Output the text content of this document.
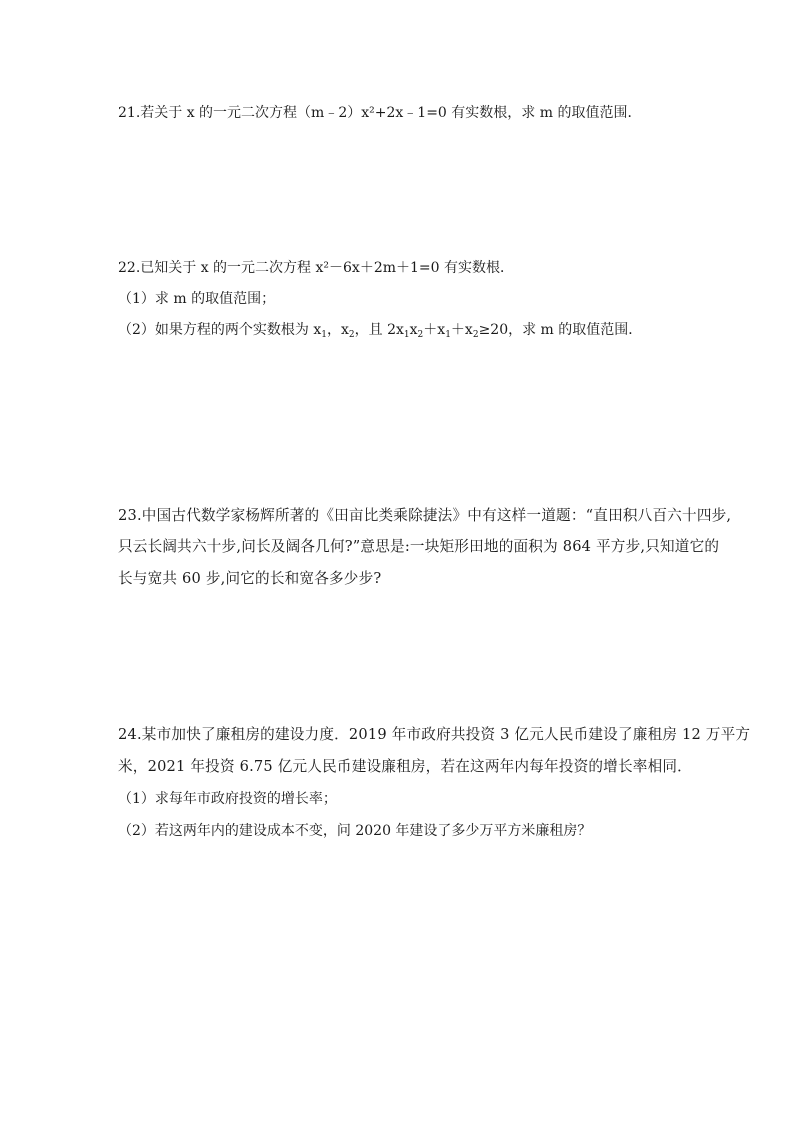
21.若关于 x 的一元二次方程（m﹣2）x²+2x﹣1=0 有实数根，求 m 的取值范围．
22.已知关于 x 的一元二次方程 x²－6x＋2m＋1=0 有实数根．
（1）求 m 的取值范围；
（2）如果方程的两个实数根为 $x_1$，$x_2$，且 $2x_1x_2+x_1+x_2\ge 20$，求 m 的取值范围．
23.中国古代数学家杨辉所著的《田亩比类乘除捷法》中有这样一道题：“直田积八百六十四步,
只云长阔共六十步,问长及阔各几何?”意思是:一块矩形田地的面积为 864 平方步,只知道它的
长与宽共 60 步,问它的长和宽各多少步?
24.某市加快了廉租房的建设力度．2019 年市政府共投资 3 亿元人民币建设了廉租房 12 万平方
米，2021 年投资 6.75 亿元人民币建设廉租房，若在这两年内每年投资的增长率相同．
（1）求每年市政府投资的增长率；
（2）若这两年内的建设成本不变，问 2020 年建设了多少万平方米廉租房？
